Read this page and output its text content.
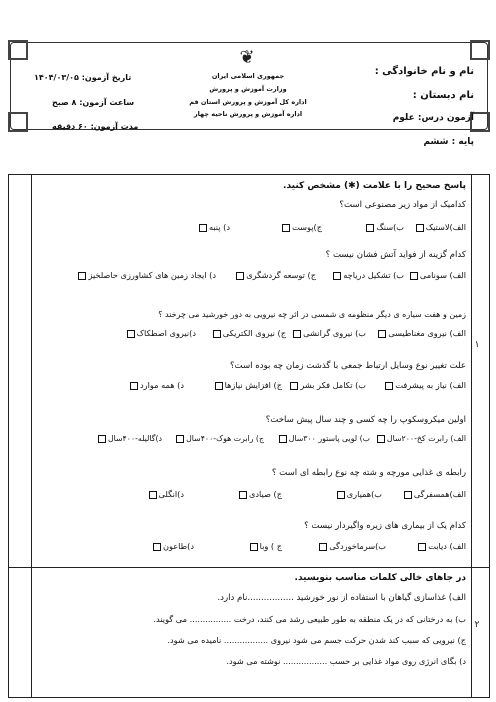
نام و نام خانوادگی :
نام دبستان :
آزمون درس: علوم
پایه : ششم
تاریخ آزمون: ۱۴۰۴/۰۳/۰۵
ساعت آزمون: ۸ صبح
مدت آزمون: ۶۰ دقیقه
❦
جمهوری اسلامی ایران
وزارت آموزش و پرورش
اداره کل آموزش و پرورش استان قم
اداره آموزش و پرورش ناحیه چهار
۱
۲
پاسخ صحیح را با علامت (✱) مشخص کنید.
کدامیک از مواد زیر مصنوعی است؟
الف)لاستیک
ب)سنگ
ج)پوست
د) پنبه
کدام گزینه از فواید آتش فشان نیست ؟
الف) سونامی
ب) تشکیل دریاچه
ج) توسعه گردشگری
د) ایجاد زمین های کشاورزی حاصلخیز
زمین و هفت سیاره ی دیگر منظومه ی شمسی در اثر چه نیرویی به دور خورشید می چرخند ؟
الف) نیروی مغناطیسی
ب) نیروی گرانشی
ج) نیروی الکتریکی
د)نیروی اصطکاک
علت تغییر نوع وسایل ارتباط جمعی با گذشت زمان چه بوده است؟
الف) نیاز به پیشرفت
ب) تکامل فکر بشر
ج) افزایش نیازها
د) همه موارد
اولین میکروسکوپ را چه کسی و چند سال پیش ساخت؟
الف) رابرت کخ-۲۰۰سال
ب) لویی پاستور ۳۰۰سال
ج) رابرت هوک-۴۰۰سال
د)گالیله-۴۰۰سال
رابطه ی غذایی مورچه و شته چه نوع رابطه ای است ؟
الف)همسفرگی
ب)همیاری
ج) صیادی
د)انگلی
کدام یک از بیماری های زیره واگیردار نیست ؟
الف) دیابت
ب)سرماخوردگی
ج ) وبا
د)طاعون
در جاهای خالی کلمات مناسب بنویسید.
الف) غذاسازی گیاهان با استفاده از نور خورشید .................نام دارد.
ب) به درختانی که در یک منطقه به طور طبیعی رشد می کنند، درخت ................ می گویند.
ج) نیرویی که سبب کند شدن حرکت جسم می شود نیروی ................. نامیده می شود.
د) بگای انرژی روی مواد غذایی بر حسب ................. نوشته می شود.
